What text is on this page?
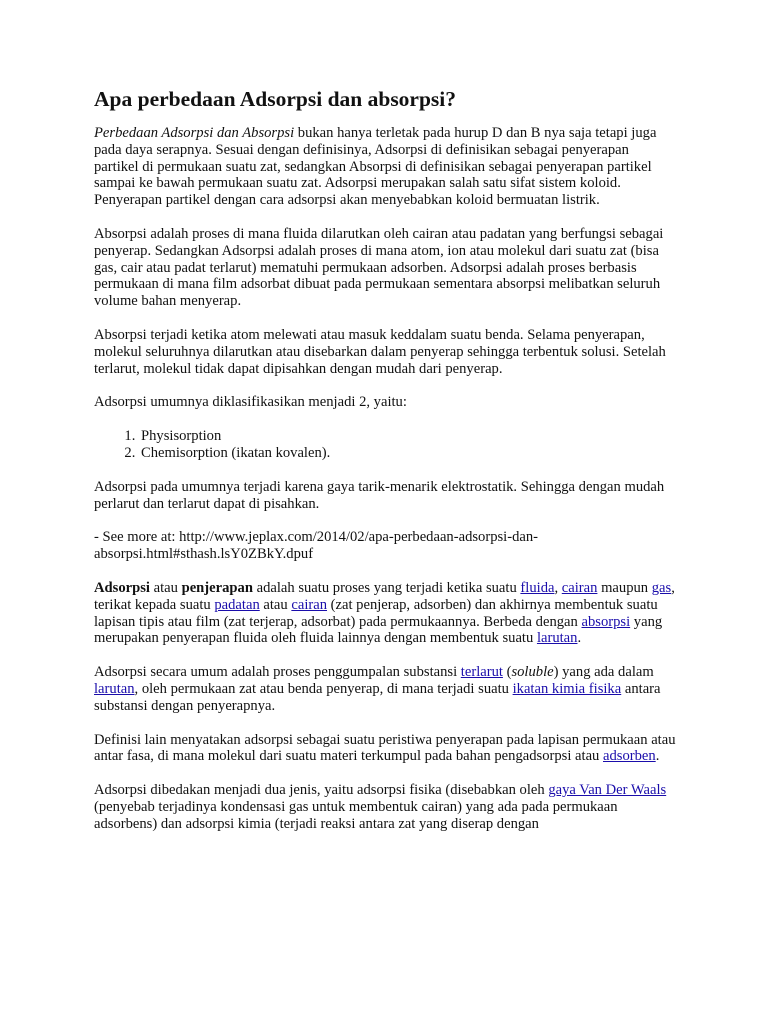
Apa perbedaan Adsorpsi dan absorpsi?

Perbedaan Adsorpsi dan Absorpsi bukan hanya terletak pada hurup D dan B nya saja tetapi juga pada daya serapnya. Sesuai dengan definisinya, Adsorpsi di definisikan sebagai penyerapan partikel di permukaan suatu zat, sedangkan Absorpsi di definisikan sebagai penyerapan partikel sampai ke bawah permukaan suatu zat. Adsorpsi merupakan salah satu sifat sistem koloid. Penyerapan partikel dengan cara adsorpsi akan menyebabkan koloid bermuatan listrik.

Absorpsi adalah proses di mana fluida dilarutkan oleh cairan atau padatan yang berfungsi sebagai penyerap. Sedangkan Adsorpsi adalah proses di mana atom, ion atau molekul dari suatu zat (bisa gas, cair atau padat terlarut) mematuhi permukaan adsorben. Adsorpsi adalah proses berbasis permukaan di mana film adsorbat dibuat pada permukaan sementara absorpsi melibatkan seluruh volume bahan menyerap.

Absorpsi terjadi ketika atom melewati atau masuk keddalam suatu benda. Selama penyerapan, molekul seluruhnya dilarutkan atau disebarkan dalam penyerap sehingga terbentuk solusi. Setelah terlarut, molekul tidak dapat dipisahkan dengan mudah dari penyerap.

Adsorpsi umumnya diklasifikasikan menjadi 2, yaitu:

1. Physisorption
2. Chemisorption (ikatan kovalen).

Adsorpsi pada umumnya terjadi karena gaya tarik-menarik elektrostatik. Sehingga dengan mudah perlarut dan terlarut dapat di pisahkan.

- See more at: http://www.jeplax.com/2014/02/apa-perbedaan-adsorpsi-dan-absorpsi.html#sthash.lsY0ZBkY.dpuf

Adsorpsi atau penjerapan adalah suatu proses yang terjadi ketika suatu fluida, cairan maupun gas, terikat kepada suatu padatan atau cairan (zat penjerap, adsorben) dan akhirnya membentuk suatu lapisan tipis atau film (zat terjerap, adsorbat) pada permukaannya. Berbeda dengan absorpsi yang merupakan penyerapan fluida oleh fluida lainnya dengan membentuk suatu larutan.

Adsorpsi secara umum adalah proses penggumpalan substansi terlarut (soluble) yang ada dalam larutan, oleh permukaan zat atau benda penyerap, di mana terjadi suatu ikatan kimia fisika antara substansi dengan penyerapnya.

Definisi lain menyatakan adsorpsi sebagai suatu peristiwa penyerapan pada lapisan permukaan atau antar fasa, di mana molekul dari suatu materi terkumpul pada bahan pengadsorpsi atau adsorben.

Adsorpsi dibedakan menjadi dua jenis, yaitu adsorpsi fisika (disebabkan oleh gaya Van Der Waals (penyebab terjadinya kondensasi gas untuk membentuk cairan) yang ada pada permukaan adsorbens) dan adsorpsi kimia (terjadi reaksi antara zat yang diserap dengan
